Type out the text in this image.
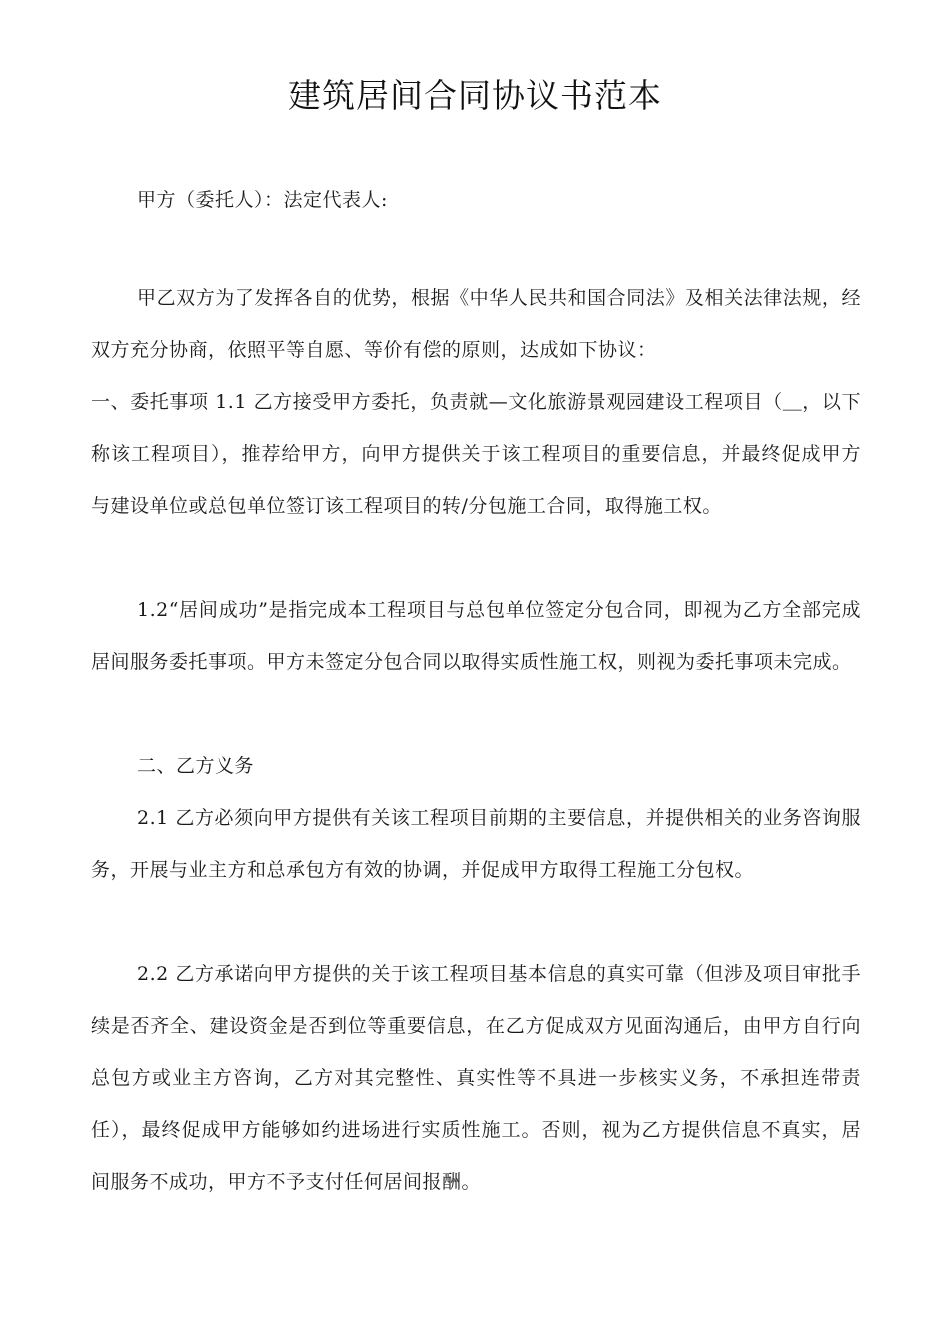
建筑居间合同协议书范本
甲方（委托人）：法定代表人:
甲乙双方为了发挥各自的优势，根据《中华人民共和国合同法》及相关法律法规，经双方充分协商，依照平等自愿、等价有偿的原则，达成如下协议：
一、委托事项 1.1 乙方接受甲方委托，负责就—文化旅游景观园建设工程项目（＿，以下称该工程项目），推荐给甲方，向甲方提供关于该工程项目的重要信息，并最终促成甲方与建设单位或总包单位签订该工程项目的转/分包施工合同，取得施工权。
1.2“居间成功”是指完成本工程项目与总包单位签定分包合同，即视为乙方全部完成居间服务委托事项。甲方未签定分包合同以取得实质性施工权，则视为委托事项未完成。
二、乙方义务
2.1 乙方必须向甲方提供有关该工程项目前期的主要信息，并提供相关的业务咨询服务，开展与业主方和总承包方有效的协调，并促成甲方取得工程施工分包权。
2.2 乙方承诺向甲方提供的关于该工程项目基本信息的真实可靠（但涉及项目审批手续是否齐全、建设资金是否到位等重要信息，在乙方促成双方见面沟通后，由甲方自行向总包方或业主方咨询，乙方对其完整性、真实性等不具进一步核实义务，不承担连带责任），最终促成甲方能够如约进场进行实质性施工。否则，视为乙方提供信息不真实，居间服务不成功，甲方不予支付任何居间报酬。
